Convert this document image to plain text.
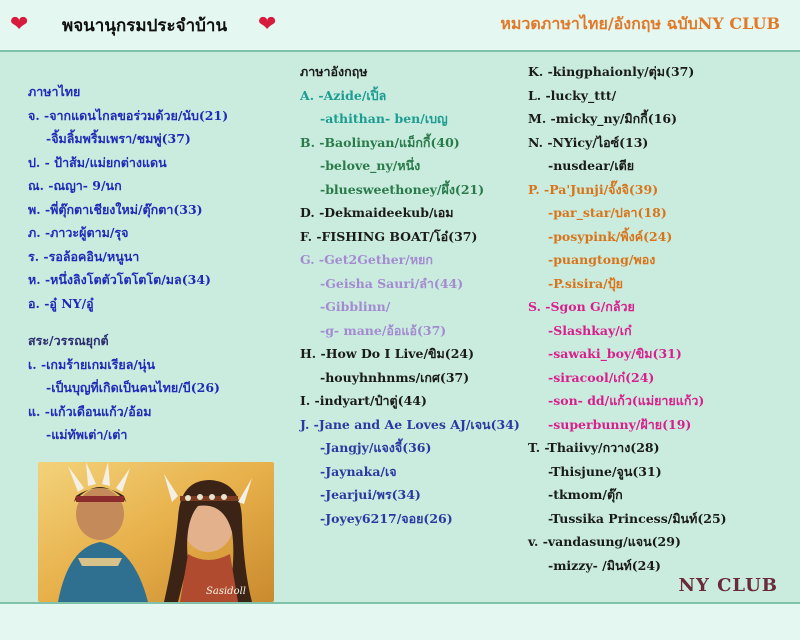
❤ พจนานุกรมประจำบ้าน ❤	หมวดภาษาไทย/อังกฤษ ฉบับNY CLUB
ภาษาไทย
จ. -จากแดนไกลขอร่วมด้วย/นับ(21)
-จิ้มลิ้มพริ้มเพรา/ชมพู่(37)
ป. - ป้าส้ม/แม่ยกต่างแดน
ณ. -ณญา- 9/นก
พ. -พี่ตุ๊กตาเชียงใหม่/ตุ๊กตา(33)
ภ. -ภาวะผู้ตาม/รุจ
ร. -รอล้อคอิน/หนูนา
ห. -หนึ่งลิงโตตัวโตโตโต/มล(34)
อ. -อู๋ NY/อู๋
สระ/วรรณยุกต์
เ. -เกมร้ายเกมเรียล/นุ่น
-เป็นบุญที่เกิดเป็นคนไทย/บี(26)
แ. -แก้วเดือนแก้ว/อ้อม
-แม่ทัพเต่า/เต่า
Sasidoll
ภาษาอังกฤษ
A. -Azide/เปิ้ล
-athithan- ben/เบญ
B. -Baolinyan/แม็กกี้(40)
-belove_ny/หนึ่ง
-bluesweethoney/ผึ้ง(21)
D. -Dekmaideekub/เอม
F. -FISHING BOAT/โอ๋(37)
G. -Get2Gether/หยก
-Geisha Sauri/ลำ(44)
-Gibblinn/
-g- mane/อ้อแอ้(37)
H. -How Do I Live/ขิม(24)
-houyhnhnms/เกศ(37)
I. -indyart/ป๋าตู่(44)
J. -Jane and Ae Loves AJ/เจน(34)
-Jangjy/แจงจี้(36)
-Jaynaka/เจ
-Jearjui/พร(34)
-Joyey6217/จอย(26)
K. -kingphaionly/ตุ่ม(37)
L. -lucky_ttt/
M. -micky_ny/มิกกี้(16)
N. -NYicy/ไอซ์(13)
-nusdear/เตีย
P. -Pa'Junji/จั๊งจิ(39)
-par_star/ปลา(18)
-posypink/พิ้งค์(24)
-puangtong/พอง
-P.sisira/ปุ้ย
S. -Sgon G/กล้วย
-Slashkay/เก๋
-sawaki_boy/ขิม(31)
-siracool/เก๋(24)
-son- dd/แก้ว(แม่ยายแก้ว)
-superbunny/ฝ้าย(19)
T. -Thaiivy/กวาง(28)
-Thisjune/จูน(31)
-tkmom/ตุ๊ก
-Tussika Princess/มินท์(25)
v. -vandasung/แจน(29)
-mizzy- /มินท์(24)
NY CLUB
